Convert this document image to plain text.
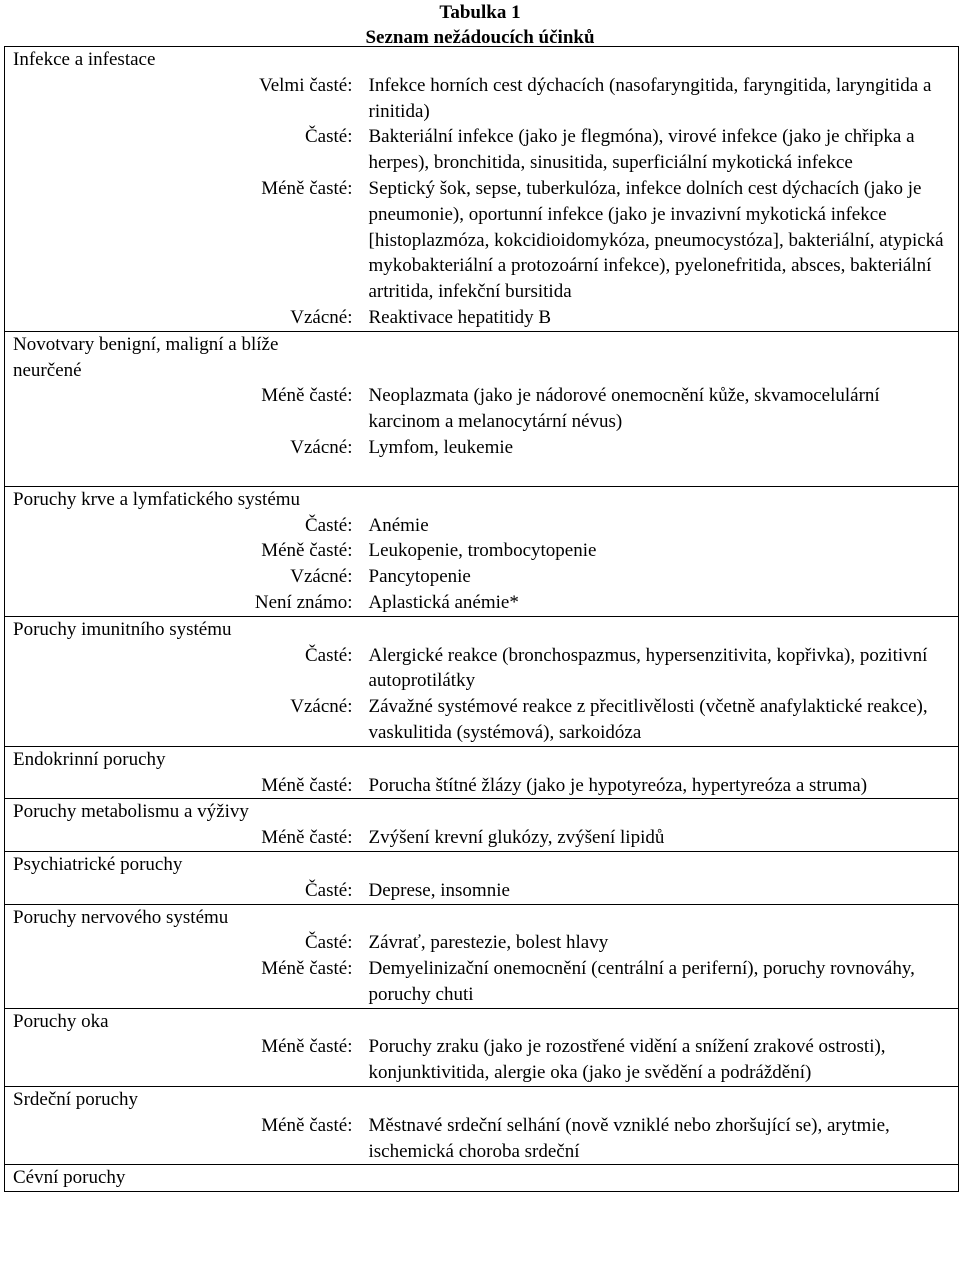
Tabulka 1
Seznam nežádoucích účinků
Infekce a infestace	
Velmi časté:	Infekce horních cest dýchacích (nasofaryngitida, faryngitida, laryngitida a rinitida)
Časté:	Bakteriální infekce (jako je flegmóna), virové infekce (jako je chřipka a herpes), bronchitida, sinusitida, superficiální mykotická infekce
Méně časté:	Septický šok, sepse, tuberkulóza, infekce dolních cest dýchacích (jako je pneumonie), oportunní infekce (jako je invazivní mykotická infekce [histoplazmóza, kokcidioidomykóza, pneumocystóza], bakteriální, atypická mykobakteriální a protozoární infekce), pyelonefritida, absces, bakteriální artritida, infekční bursitida
Vzácné:	Reaktivace hepatitidy B
Novotvary benigní, maligní a blíže neurčené	
Méně časté:	Neoplazmata (jako je nádorové onemocnění kůže, skvamocelulární karcinom a melanocytární névus)
Vzácné:	Lymfom, leukemie

Poruchy krve a lymfatického systému	
Časté:	Anémie
Méně časté:	Leukopenie, trombocytopenie
Vzácné:	Pancytopenie
Není známo:	Aplastická anémie*
Poruchy imunitního systému	
Časté:	Alergické reakce (bronchospazmus, hypersenzitivita, kopřivka), pozitivní autoprotilátky
Vzácné:	Závažné systémové reakce z přecitlivělosti (včetně anafylaktické reakce), vaskulitida (systémová), sarkoidóza
Endokrinní poruchy	
Méně časté:	Porucha štítné žlázy (jako je hypotyreóza, hypertyreóza a struma)
Poruchy metabolismu a výživy	
Méně časté:	Zvýšení krevní glukózy, zvýšení lipidů
Psychiatrické poruchy	
Časté:	Deprese, insomnie
Poruchy nervového systému	
Časté:	Závrať, parestezie, bolest hlavy
Méně časté:	Demyelinizační onemocnění (centrální a periferní), poruchy rovnováhy, poruchy chuti
Poruchy oka	
Méně časté:	Poruchy zraku (jako je rozostřené vidění a snížení zrakové ostrosti), konjunktivitida, alergie oka (jako je svědění a podráždění)
Srdeční poruchy	
Méně časté:	Městnavé srdeční selhání (nově vzniklé nebo zhoršující se), arytmie, ischemická choroba srdeční
Cévní poruchy	
